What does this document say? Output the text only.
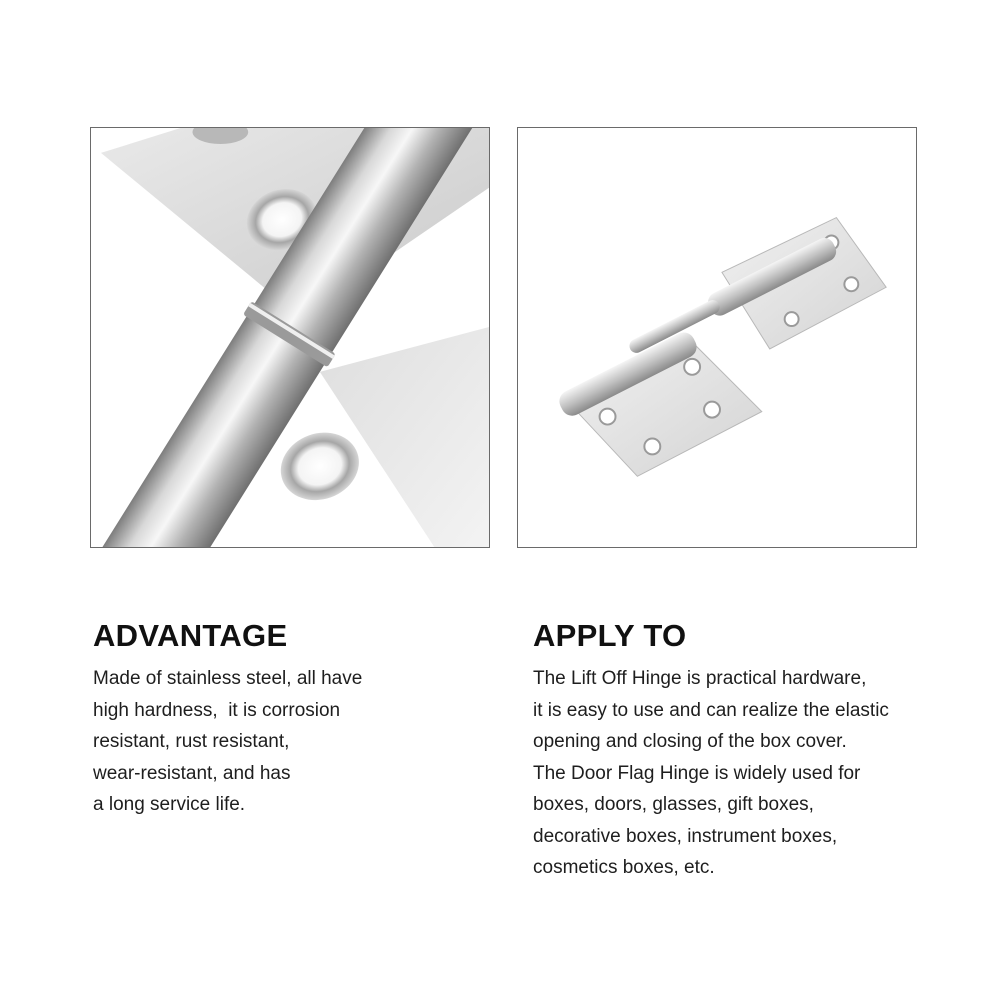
ADVANTAGE
Made of stainless steel, all have
high hardness,  it is corrosion
resistant, rust resistant,
wear-resistant, and has
a long service life.
APPLY TO
The Lift Off Hinge is practical hardware,
it is easy to use and can realize the elastic
opening and closing of the box cover.
The Door Flag Hinge is widely used for
boxes, doors, glasses, gift boxes,
decorative boxes, instrument boxes,
cosmetics boxes, etc.
